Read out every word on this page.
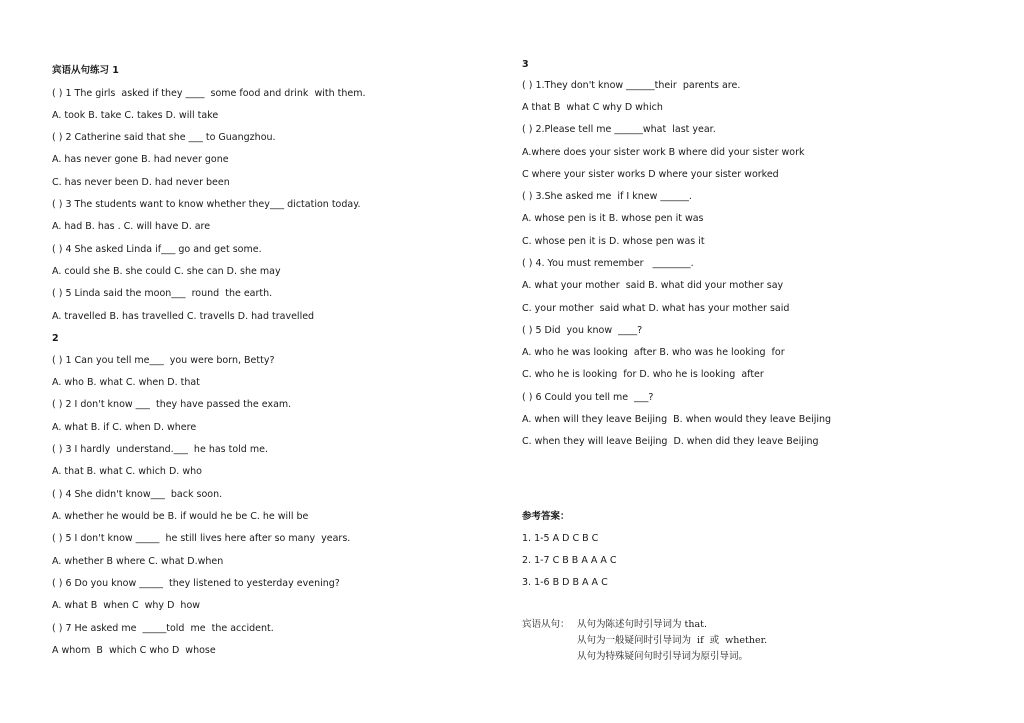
宾语从句练习 1
( ) 1 The girls  asked if they ____  some food and drink  with them.
A. took B. take C. takes D. will take
( ) 2 Catherine said that she ___ to Guangzhou.
A. has never gone B. had never gone
C. has never been D. had never been
( ) 3 The students want to know whether they___ dictation today.
A. had B. has . C. will have D. are
( ) 4 She asked Linda if___ go and get some.
A. could she B. she could C. she can D. she may
( ) 5 Linda said the moon___  round  the earth.
A. travelled B. has travelled C. travells D. had travelled
2
( ) 1 Can you tell me___  you were born, Betty?
A. who B. what C. when D. that
( ) 2 I don't know ___  they have passed the exam.
A. what B. if C. when D. where
( ) 3 I hardly  understand.___  he has told me.
A. that B. what C. which D. who
( ) 4 She didn't know___  back soon.
A. whether he would be B. if would he be C. he will be
( ) 5 I don't know _____  he still lives here after so many  years.
A. whether B where C. what D.when
( ) 6 Do you know _____  they listened to yesterday evening?
A. what B  when C  why D  how
( ) 7 He asked me  _____told  me  the accident.
A whom  B  which C who D  whose
3
( ) 1.They don't know ______their  parents are.
A that B  what C why D which
( ) 2.Please tell me ______what  last year.
A.where does your sister work B where did your sister work
C where your sister works D where your sister worked
( ) 3.She asked me  if I knew ______.
A. whose pen is it B. whose pen it was
C. whose pen it is D. whose pen was it
( ) 4. You must remember   ________.
A. what your mother  said B. what did your mother say
C. your mother  said what D. what has your mother said
( ) 5 Did  you know  ____?
A. who he was looking  after B. who was he looking  for
C. who he is looking  for D. who he is looking  after
( ) 6 Could you tell me  ___?
A. when will they leave Beijing  B. when would they leave Beijing
C. when they will leave Beijing  D. when did they leave Beijing
参考答案：
1. 1-5 A D C B C
2. 1-7 C B B A A A C
3. 1-6 B D B A A C
宾语从句： 从句为陈述句时引导词为 that.
从句为一般疑问时引导词为  if  或  whether.
从句为特殊疑问句时引导词为原引导词。
